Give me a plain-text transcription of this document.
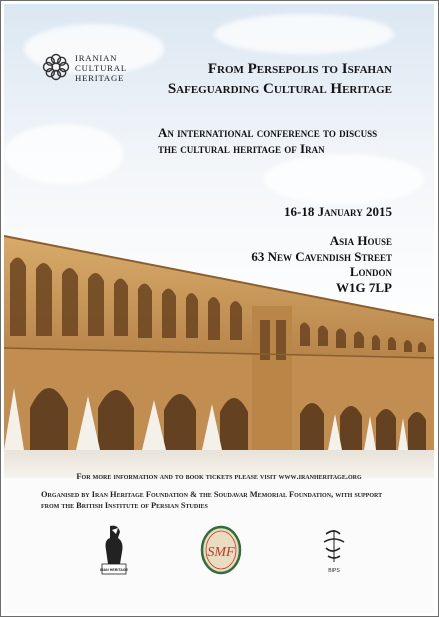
IRANIAN
CULTURAL
HERITAGE
From Persepolis to Isfahan
Safeguarding Cultural Heritage
An international conference to discuss
the cultural heritage of Iran
16-18 January 2015
Asia House
63 New Cavendish Street
London
W1G 7LP
For more information and to book tickets please visit www.iranheritage.org
Organised by Iran Heritage Foundation & the Soudavar Memorial Foundation, with support from the British Institute of Persian Studies
IRAN HERITAGE
SMF
BIPS
